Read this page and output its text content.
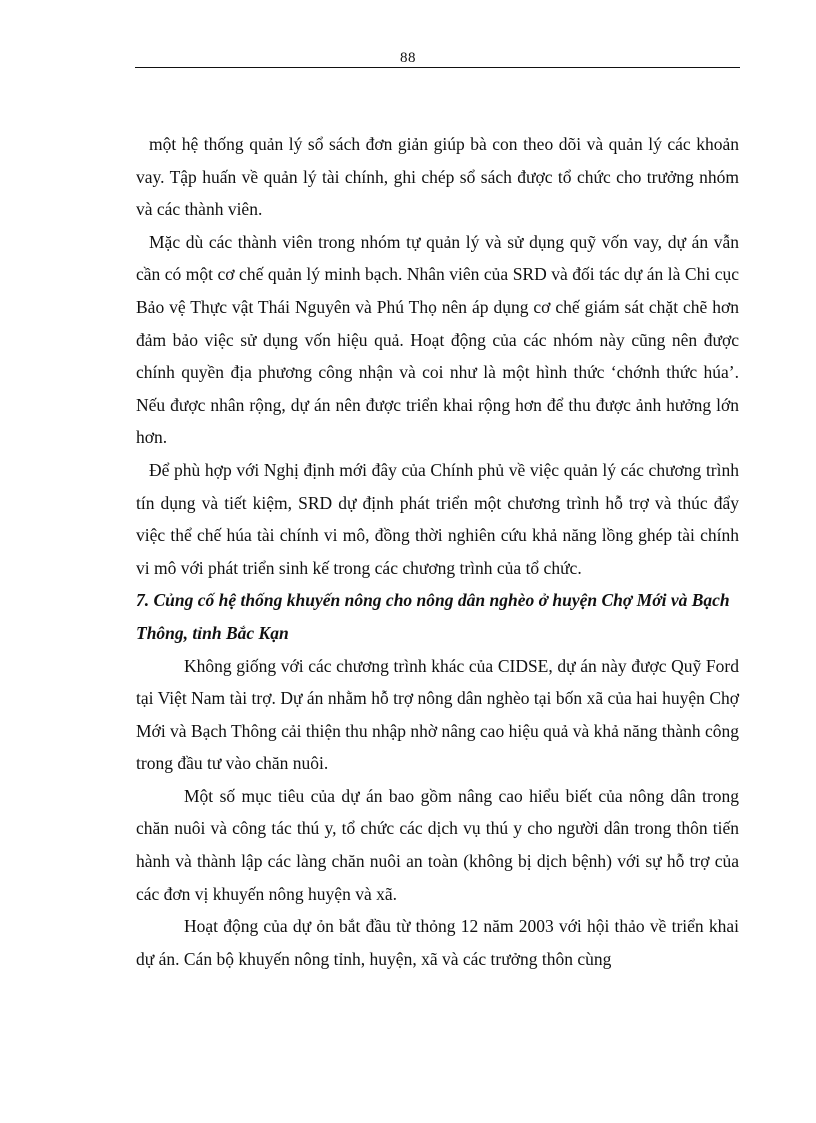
88

một hệ thống quản lý sổ sách đơn giản giúp bà con theo dõi và quản lý các khoản vay. Tập huấn về quản lý tài chính, ghi chép sổ sách được tổ chức cho trưởng nhóm và các thành viên.

Mặc dù các thành viên trong nhóm tự quản lý và sử dụng quỹ vốn vay, dự án vẫn cần có một cơ chế quản lý minh bạch. Nhân viên của SRD và đối tác dự án là Chi cục Bảo vệ Thực vật Thái Nguyên và Phú Thọ nên áp dụng cơ chế giám sát chặt chẽ hơn đảm bảo việc sử dụng vốn hiệu quả. Hoạt động của các nhóm này cũng nên được chính quyền địa phương công nhận và coi như là một hình thức ‘chớnh thức húa’. Nếu được nhân rộng, dự án nên được triển khai rộng hơn để thu được ảnh hưởng lớn hơn.

Để phù hợp với Nghị định mới đây của Chính phủ về việc quản lý các chương trình tín dụng và tiết kiệm, SRD dự định phát triển một chương trình hỗ trợ và thúc đẩy việc thể chế húa tài chính vi mô, đồng thời nghiên cứu khả năng lồng ghép tài chính vi mô với phát triển sinh kế trong các chương trình của tổ chức.

7. Củng cố hệ thống khuyến nông cho nông dân nghèo ở huyện Chợ Mới và Bạch Thông, tỉnh Bắc Kạn

Không giống với các chương trình khác của CIDSE, dự án này được Quỹ Ford tại Việt Nam tài trợ. Dự án nhằm hỗ trợ nông dân nghèo tại bốn xã của hai huyện Chợ Mới và Bạch Thông cải thiện thu nhập nhờ nâng cao hiệu quả và khả năng thành công trong đầu tư vào chăn nuôi.

Một số mục tiêu của dự án bao gồm nâng cao hiểu biết của nông dân trong chăn nuôi và công tác thú y, tổ chức các dịch vụ thú y cho người dân trong thôn tiến hành và thành lập các làng chăn nuôi an toàn (không bị dịch bệnh) với sự hỗ trợ của các đơn vị khuyến nông huyện và xã.

Hoạt động của dự ỏn bắt đầu từ thỏng 12 năm 2003 với hội thảo về triển khai dự án. Cán bộ khuyến nông tỉnh, huyện, xã và các trưởng thôn cùng
